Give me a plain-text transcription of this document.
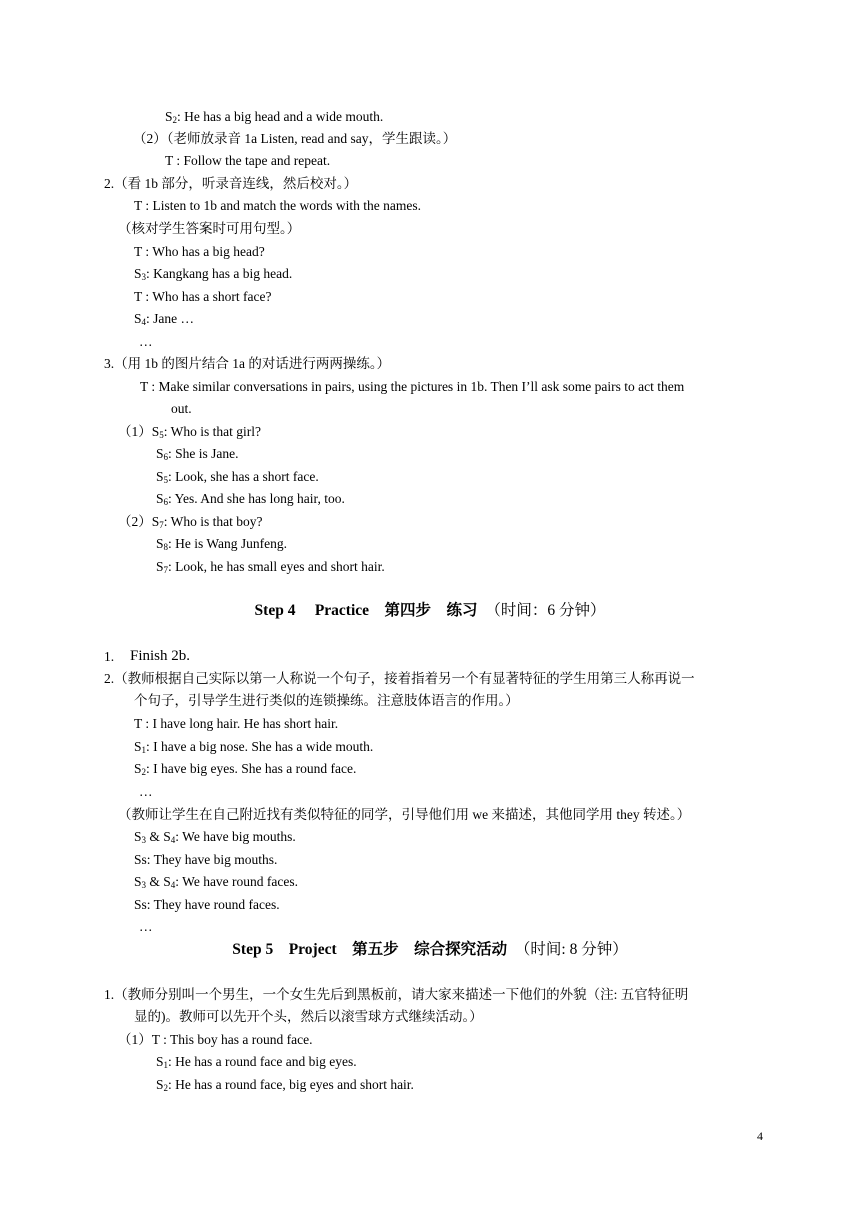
$S_2$: He has a big head and a wide mouth.
（2）（老师放录音 1a Listen, read and say，学生跟读。）
T : Follow the tape and repeat.
2.（看 1b 部分，听录音连线，然后校对。）
T : Listen to 1b and match the words with the names.
（核对学生答案时可用句型。）
T : Who has a big head?
$S_3$: Kangkang has a big head.
T : Who has a short face?
$S_4$: Jane …
…
3.（用 1b 的图片结合 1a 的对话进行两两操练。）
T : Make similar conversations in pairs, using the pictures in 1b. Then I’ll ask some pairs to act them
out.
$(1)S_5$: Who is that girl?
$S_6$: She is Jane.
$S_5$: Look, she has a short face.
$S_6$: Yes. And she has long hair, too.
$(2)S_7$: Who is that boy?
$S_8$: He is Wang Junfeng.
$S_7$: Look, he has small eyes and short hair.
Step 4 Practice 第四步　练习 （时间：6 分钟）
1. Finish 2b.
2.（教师根据自己实际以第一人称说一个句子，接着指着另一个有显著特征的学生用第三人称再说一
个句子，引导学生进行类似的连锁操练。注意肢体语言的作用。）
T : I have long hair. He has short hair.
$S_1$: I have a big nose. She has a wide mouth.
$S_2$: I have big eyes. She has a round face.
…
（教师让学生在自己附近找有类似特征的同学，引导他们用 we 来描述，其他同学用 they 转述。）
$S_3$ & $S_4$: We have big mouths.
Ss: They have big mouths.
$S_3$ & $S_4$: We have round faces.
Ss: They have round faces.
…
Step 5 Project 第五步　综合探究活动 （时间: 8 分钟）
1.（教师分别叫一个男生，一个女生先后到黑板前，请大家来描述一下他们的外貌（注: 五官特征明
显的)。教师可以先开个头，然后以滚雪球方式继续活动。）
（1）T : This boy has a round face.
$S_1$: He has a round face and big eyes.
$S_2$: He has a round face, big eyes and short hair.
4
